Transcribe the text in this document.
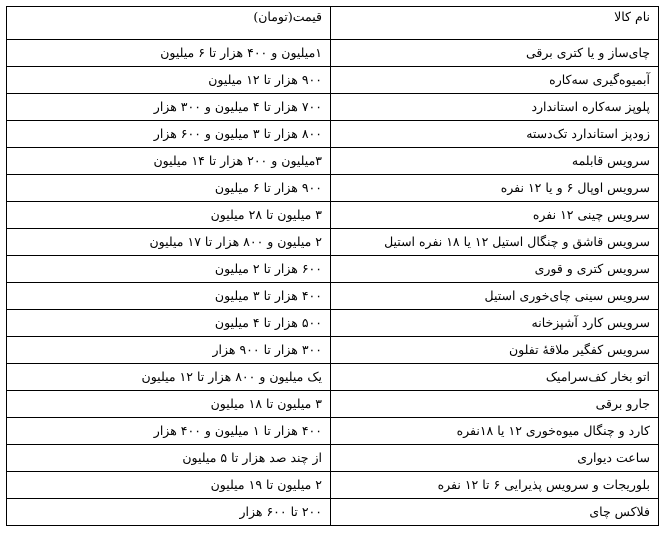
نام کالا	قیمت(تومان)
چای‌ساز و یا کتری برقی	۱میلیون و ۴۰۰ هزار تا ۶ میلیون
آبمیوه‌گیری سه‌کاره	۹۰۰ هزار تا ۱۲ میلیون
پلوپز سه‌کاره استاندارد	۷۰۰ هزار تا ۴ میلیون و ۳۰۰ هزار
زودپز استاندارد تک‌دسته	۸۰۰ هزار تا ۳ میلیون و ۶۰۰ هزار
سرویس قابلمه	۳میلیون و ۲۰۰ هزار تا ۱۴ میلیون
سرویس اوپال ۶ و یا ۱۲ نفره	۹۰۰ هزار تا ۶ میلیون
سرویس چینی ۱۲ نفره	۳ میلیون تا ۲۸ میلیون
سرویس قاشق و چنگال استیل ۱۲ یا ۱۸ نفره استیل	۲ میلیون و ۸۰۰ هزار تا ۱۷ میلیون
سرویس کتری و قوری	۶۰۰ هزار تا ۲ میلیون
سرویس سینی چای‌خوری استیل	۴۰۰ هزار تا ۳ میلیون
سرویس کارد آشپزخانه	۵۰۰ هزار تا ۴ میلیون
سرویس کفگیر ملاقهٔ تفلون	۳۰۰ هزار تا ۹۰۰ هزار
اتو بخار کف‌سرامیک	یک میلیون و ۸۰۰ هزار تا ۱۲ میلیون
جارو برقی	۳ میلیون تا ۱۸ میلیون
کارد و چنگال میوه‌خوری ۱۲ یا ۱۸نفره	۴۰۰ هزار تا ۱ میلیون و ۴۰۰ هزار
ساعت دیواری	از چند صد هزار تا ۵ میلیون
بلوریجات و سرویس پذیرایی ۶ تا ۱۲ نفره	۲ میلیون تا ۱۹ میلیون
فلاکس چای	۲۰۰ تا ۶۰۰ هزار
